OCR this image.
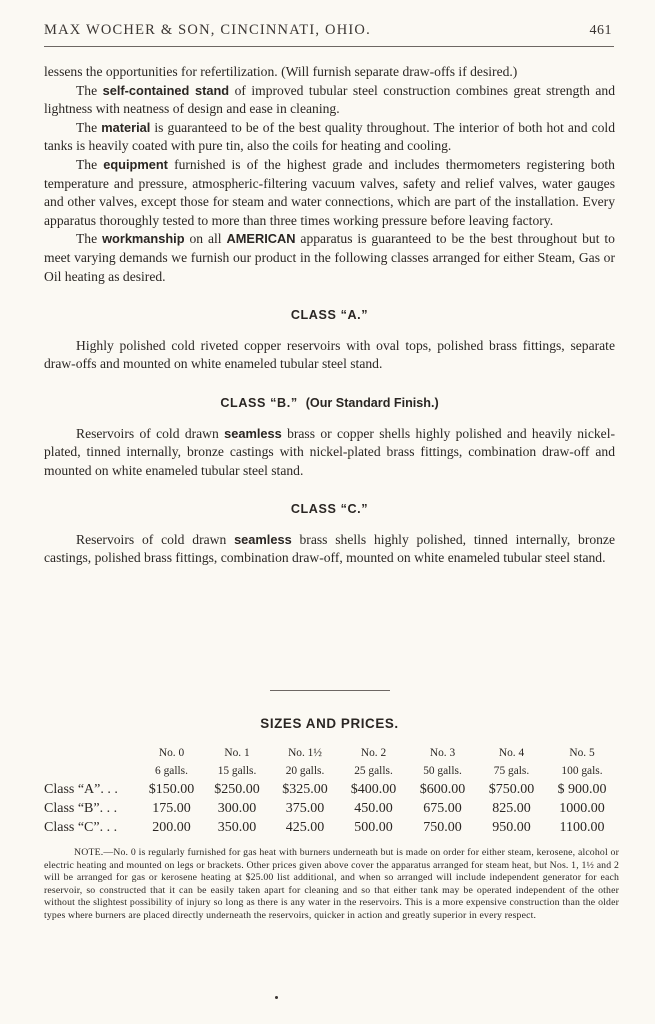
MAX WOCHER & SON, CINCINNATI, OHIO.	461

lessens the opportunities for refertilization. (Will furnish separate draw-offs if desired.)

The self-contained stand of improved tubular steel construction combines great strength and lightness with neatness of design and ease in cleaning.

The material is guaranteed to be of the best quality throughout. The interior of both hot and cold tanks is heavily coated with pure tin, also the coils for heating and cooling.

The equipment furnished is of the highest grade and includes thermometers registering both temperature and pressure, atmospheric-filtering vacuum valves, safety and relief valves, water gauges and other valves, except those for steam and water connections, which are part of the installation. Every apparatus thoroughly tested to more than three times working pressure before leaving factory.

The workmanship on all AMERICAN apparatus is guaranteed to be the best throughout but to meet varying demands we furnish our product in the following classes arranged for either Steam, Gas or Oil heating as desired.

CLASS “A.”

Highly polished cold riveted copper reservoirs with oval tops, polished brass fittings, separate draw-offs and mounted on white enameled tubular steel stand.

CLASS “B.” (Our Standard Finish.)

Reservoirs of cold drawn seamless brass or copper shells highly polished and heavily nickel-plated, tinned internally, bronze castings with nickel-plated brass fittings, combination draw-off and mounted on white enameled tubular steel stand.

CLASS “C.”

Reservoirs of cold drawn seamless brass shells highly polished, tinned internally, bronze castings, polished brass fittings, combination draw-off, mounted on white enameled tubular steel stand.

SIZES AND PRICES.
	No. 0	No. 1	No. 1½	No. 2	No. 3	No. 4	No. 5
	6 galls.	15 galls.	20 galls.	25 galls.	50 galls.	75 gals.	100 gals.
Class “A”. . .	$150.00	$250.00	$325.00	$400.00	$600.00	$750.00	$ 900.00
Class “B”. . .	175.00	300.00	375.00	450.00	675.00	825.00	1000.00
Class “C”. . .	200.00	350.00	425.00	500.00	750.00	950.00	1100.00
NOTE.—No. 0 is regularly furnished for gas heat with burners underneath but is made on order for either steam, kerosene, alcohol or electric heating and mounted on legs or brackets. Other prices given above cover the apparatus arranged for steam heat, but Nos. 1, 1½ and 2 will be arranged for gas or kerosene heating at $25.00 list additional, and when so arranged will include independent generator for each reservoir, so constructed that it can be easily taken apart for cleaning and so that either tank may be operated independent of the other without the slightest possibility of injury so long as there is any water in the reservoirs. This is a more expensive construction than the older types where burners are placed directly underneath the reservoirs, quicker in action and greatly superior in every respect.
